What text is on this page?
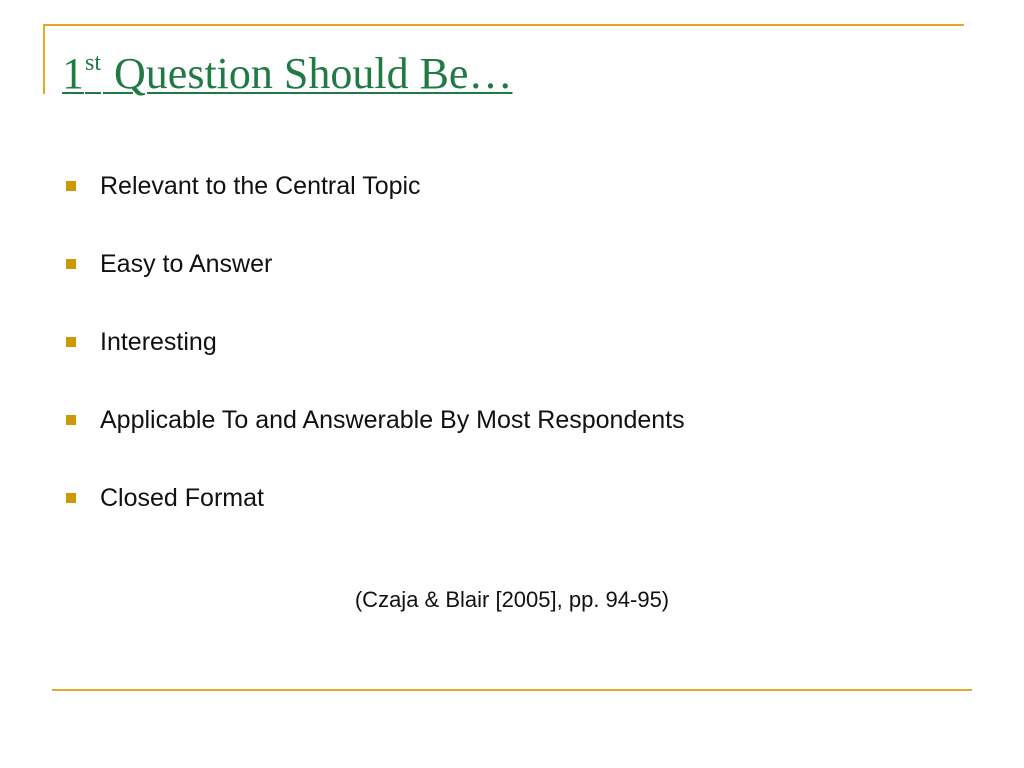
1st Question Should Be…
Relevant to the Central Topic
Easy to Answer
Interesting
Applicable To and Answerable By Most Respondents
Closed Format
(Czaja & Blair [2005], pp. 94-95)
